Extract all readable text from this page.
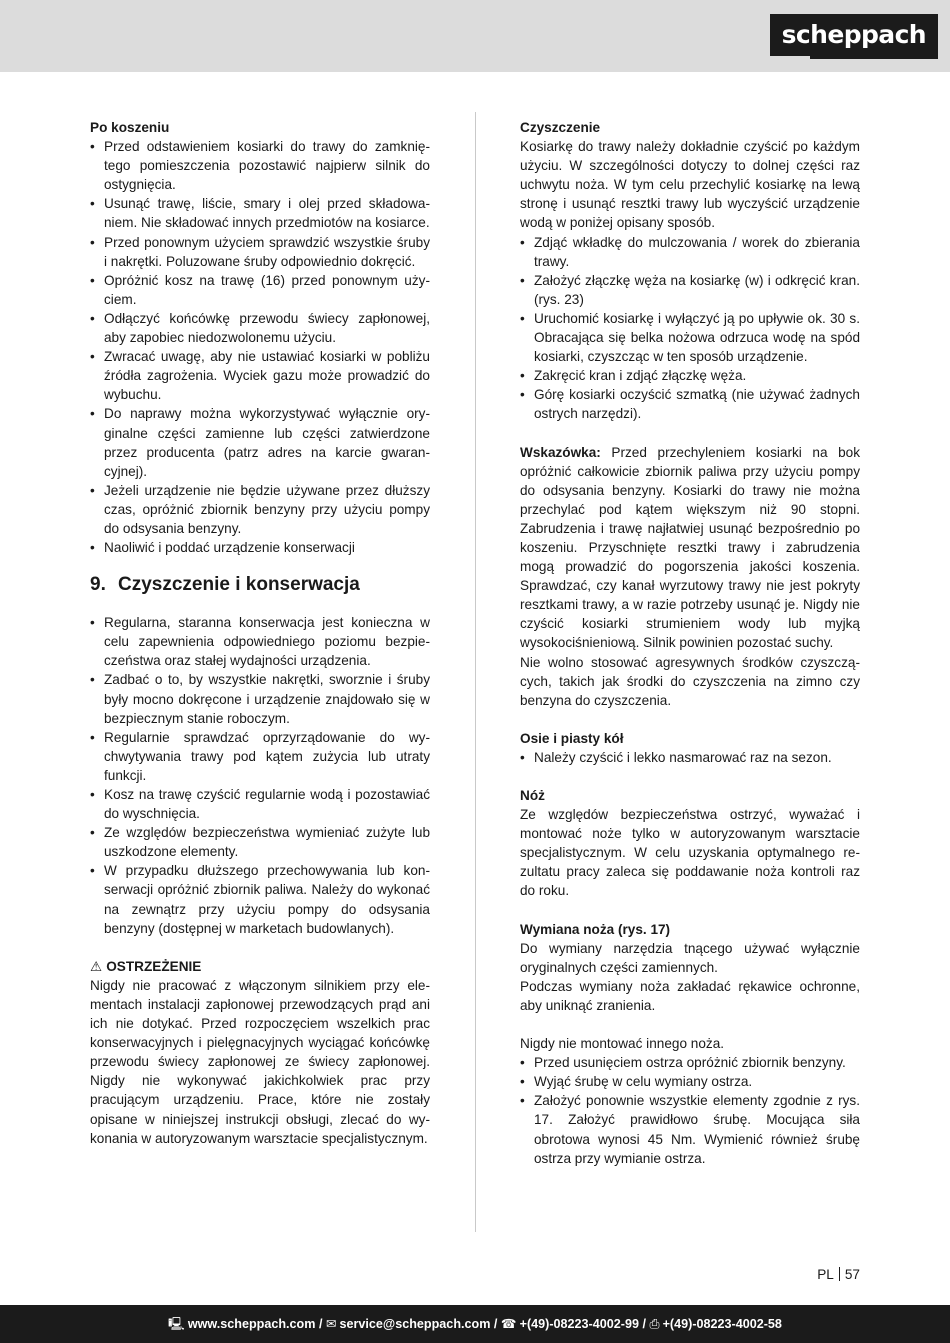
scheppach
Po koszeniu
• Przed odstawieniem kosiarki do trawy do zamkniętego pomieszczenia pozostawić najpierw silnik do ostygnięcia.
• Usunąć trawę, liście, smary i olej przed składowaniem. Nie składować innych przedmiotów na kosiarce.
• Przed ponownym użyciem sprawdzić wszystkie śruby i nakrętki. Poluzowane śruby odpowiednio dokręcić.
• Opróżnić kosz na trawę (16) przed ponownym użyciem.
• Odłączyć końcówkę przewodu świecy zapłonowej, aby zapobiec niedozwolonemu użyciu.
• Zwracać uwagę, aby nie ustawiać kosiarki w pobliżu źródła zagrożenia. Wyciek gazu może prowadzić do wybuchu.
• Do naprawy można wykorzystywać wyłącznie oryginalne części zamienne lub części zatwierdzone przez producenta (patrz adres na karcie gwarancyjnej).
• Jeżeli urządzenie nie będzie używane przez dłuższy czas, opróżnić zbiornik benzyny przy użyciu pompy do odsysania benzyny.
• Naoliwić i poddać urządzenie konserwacji
9. Czyszczenie i konserwacja
• Regularna, staranna konserwacja jest konieczna w celu zapewnienia odpowiedniego poziomu bezpieczeństwa oraz stałej wydajności urządzenia.
• Zadbać o to, by wszystkie nakrętki, sworznie i śruby były mocno dokręcone i urządzenie znajdowało się w bezpiecznym stanie roboczym.
• Regularnie sprawdzać oprzyrządowanie do wychwytywania trawy pod kątem zużycia lub utraty funkcji.
• Kosz na trawę czyścić regularnie wodą i pozostawiać do wyschnięcia.
• Ze względów bezpieczeństwa wymieniać zużyte lub uszkodzone elementy.
• W przypadku dłuższego przechowywania lub konserwacji opróżnić zbiornik paliwa. Należy do wykonać na zewnątrz przy użyciu pompy do odsysania benzyny (dostępnej w marketach budowlanych).
⚠ OSTRZEŻENIE
Nigdy nie pracować z włączonym silnikiem przy elementach instalacji zapłonowej przewodzących prąd ani ich nie dotykać. Przed rozpoczęciem wszelkich prac konserwacyjnych i pielęgnacyjnych wyciągać końcówkę przewodu świecy zapłonowej ze świecy zapłonowej. Nigdy nie wykonywać jakichkolwiek prac przy pracującym urządzeniu. Prace, które nie zostały opisane w niniejszej instrukcji obsługi, zlecać do wykonania w autoryzowanym warsztacie specjalistycznym.
Czyszczenie
Kosiarkę do trawy należy dokładnie czyścić po każdym użyciu. W szczególności dotyczy to dolnej części raz uchwytu noża. W tym celu przechylić kosiarkę na lewą stronę i usunąć resztki trawy lub wyczyścić urządzenie wodą w poniżej opisany sposób.
• Zdjąć wkładkę do mulczowania / worek do zbierania trawy.
• Założyć złączkę węża na kosiarkę (w) i odkręcić kran. (rys. 23)
• Uruchomić kosiarkę i wyłączyć ją po upływie ok. 30 s. Obracająca się belka nożowa odrzuca wodę na spód kosiarki, czyszcząc w ten sposób urządzenie.
• Zakręcić kran i zdjąć złączkę węża.
• Górę kosiarki oczyścić szmatką (nie używać żadnych ostrych narzędzi).
Wskazówka: Przed przechyleniem kosiarki na bok opróżnić całkowicie zbiornik paliwa przy użyciu pompy do odsysania benzyny. Kosiarki do trawy nie można przechylać pod kątem większym niż 90 stopni. Zabrudzenia i trawę najłatwiej usunąć bezpośrednio po koszeniu. Przyschnięte resztki trawy i zabrudzenia mogą prowadzić do pogorszenia jakości koszenia. Sprawdzać, czy kanał wyrzutowy trawy nie jest pokryty resztkami trawy, a w razie potrzeby usunąć je. Nigdy nie czyścić kosiarki strumieniem wody lub myjką wysokociśnieniową. Silnik powinien pozostać suchy.
Nie wolno stosować agresywnych środków czyszczących, takich jak środki do czyszczenia na zimno czy benzyna do czyszczenia.
Osie i piasty kół
• Należy czyścić i lekko nasmarować raz na sezon.
Nóż
Ze względów bezpieczeństwa ostrzyć, wyważać i montować noże tylko w autoryzowanym warsztacie specjalistycznym. W celu uzyskania optymalnego rezultatu pracy zaleca się poddawanie noża kontroli raz do roku.
Wymiana noża (rys. 17)
Do wymiany narzędzia tnącego używać wyłącznie oryginalnych części zamiennych.
Podczas wymiany noża zakładać rękawice ochronne, aby uniknąć zranienia.
Nigdy nie montować innego noża.
• Przed usunięciem ostrza opróżnić zbiornik benzyny.
• Wyjąć śrubę w celu wymiany ostrza.
• Założyć ponownie wszystkie elementy zgodnie z rys. 17. Założyć prawidłowo śrubę. Mocująca siła obrotowa wynosi 45 Nm. Wymienić również śrubę ostrza przy wymianie ostrza.
PL 57
🖳 www.scheppach.com / ✉ service@scheppach.com / ☎ +(49)-08223-4002-99 / ⎙ +(49)-08223-4002-58
